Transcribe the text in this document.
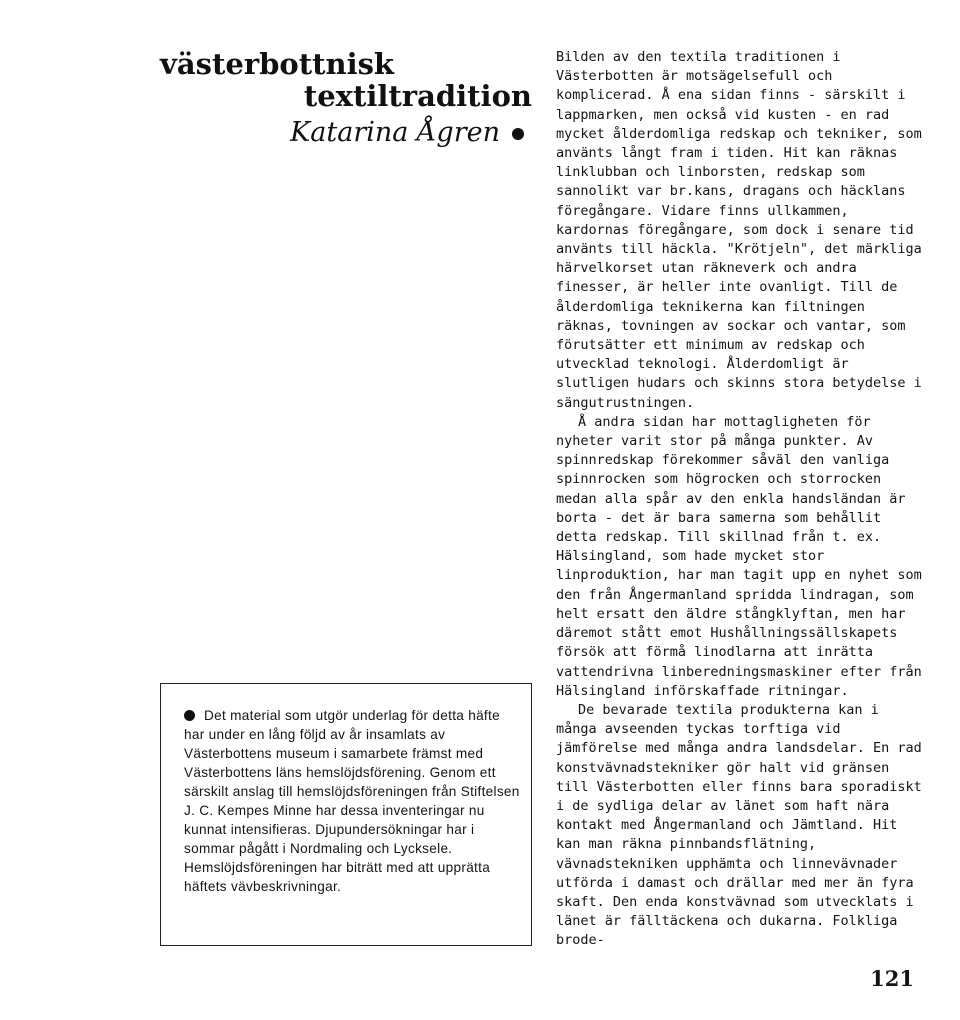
västerbottnisk
textiltradition
Katarina Ågren
Det material som utgör underlag för detta häfte har under en lång följd av år insamlats av Västerbottens museum i samarbete främst med Västerbottens läns hemslöjdsförening. Genom ett särskilt anslag till hemslöjdsföreningen från Stiftelsen J. C. Kempes Minne har dessa inventeringar nu kunnat intensifieras. Djupundersökningar har i sommar pågått i Nordmaling och Lycksele. Hemslöjdsföreningen har biträtt med att upprätta häftets vävbeskrivningar.

Bilden av den textila traditionen i Västerbotten är motsägelsefull och komplicerad. Å ena sidan finns - särskilt i lappmarken, men också vid kusten - en rad mycket ålderdomliga redskap och tekniker, som använts långt fram i tiden. Hit kan räknas linklubban och linborsten, redskap som sannolikt var br.kans, dragans och häcklans föregångare. Vidare finns ullkammen, kardornas föregångare, som dock i senare tid använts till häckla. "Krötjeln", det märkliga härvelkorset utan räkneverk och andra finesser, är heller inte ovanligt. Till de ålderdomliga teknikerna kan filtningen räknas, tovningen av sockar och vantar, som förutsätter ett minimum av redskap och utvecklad teknologi. Ålderdomligt är slutligen hudars och skinns stora betydelse i sängutrustningen.

Å andra sidan har mottagligheten för nyheter varit stor på många punkter. Av spinnredskap förekommer såväl den vanliga spinnrocken som högrocken och storrocken medan alla spår av den enkla handsländan är borta - det är bara samerna som behållit detta redskap. Till skillnad från t. ex. Hälsingland, som hade mycket stor linproduktion, har man tagit upp en nyhet som den från Ångermanland spridda lindragan, som helt ersatt den äldre stångklyftan, men har däremot stått emot Hushållningssällskapets försök att förmå linodlarna att inrätta vattendrivna linberedningsmaskiner efter från Hälsingland införskaffade ritningar.

De bevarade textila produkterna kan i många avseenden tyckas torftiga vid jämförelse med många andra landsdelar. En rad konstvävnadstekniker gör halt vid gränsen till Västerbotten eller finns bara sporadiskt i de sydliga delar av länet som haft nära kontakt med Ångermanland och Jämtland. Hit kan man räkna pinnbandsflätning, vävnadstekniken upphämta och linnevävnader utförda i damast och drällar med mer än fyra skaft. Den enda konstvävnad som utvecklats i länet är fälltäckena och dukarna. Folkliga brode-

121
